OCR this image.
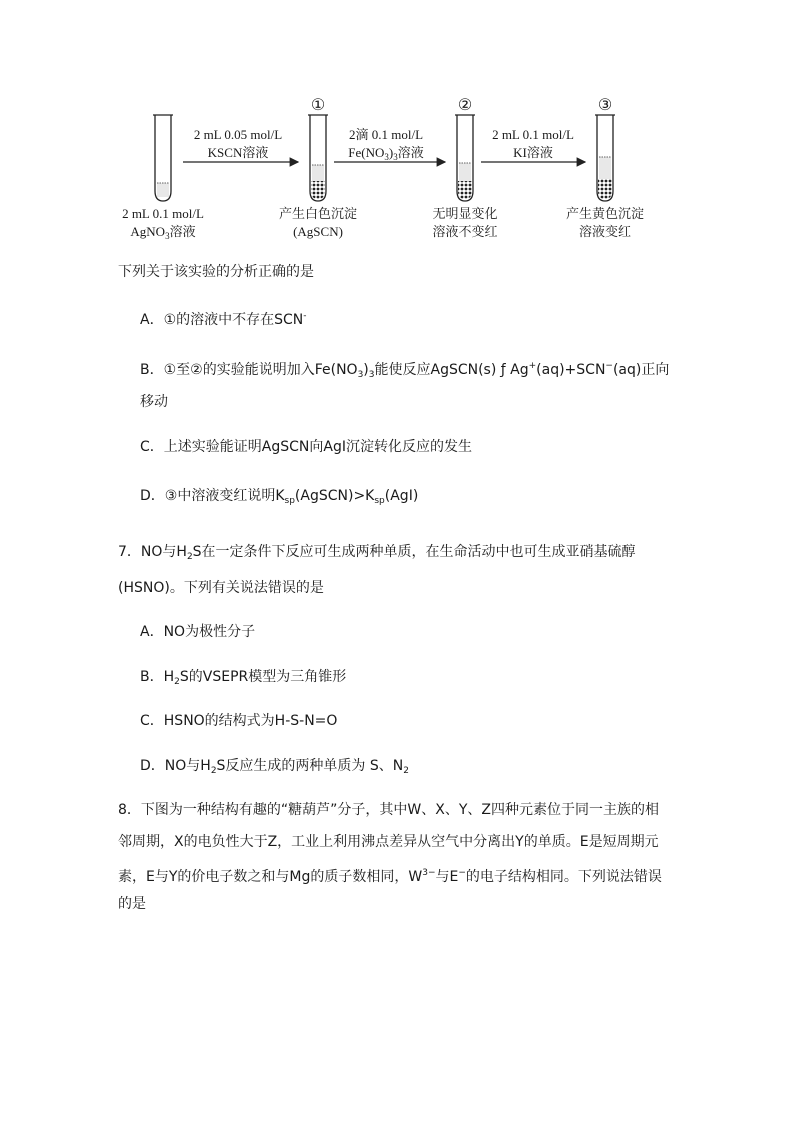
①	②	③
2 mL 0.05 mol/L
KSCN溶液
2滴 0.1 mol/L
$Fe(NO_3)_3$溶液
2 mL 0.1 mol/L
KI溶液
2 mL 0.1 mol/L
AgNO$_3$溶液
产生白色沉淀
(AgSCN)
无明显变化
溶液不变红
产生黄色沉淀
溶液变红
下列关于该实验的分析正确的是
A．①的溶液中不存在SCN-
B．①至②的实验能说明加入$Fe(NO_3)_3$能使反应AgSCN(s) ƒ Ag+(aq)+SCN−(aq)正向
移动
C．上述实验能证明AgSCN向AgI沉淀转化反应的发生
D．③中溶液变红说明$K_{sp}(AgSCN)>K_{sp}(AgI)$
7．NO与$H_2S$在一定条件下反应可生成两种单质，在生命活动中也可生成亚硝基硫醇
(HSNO)。下列有关说法错误的是
A．NO为极性分子
B．$H_2S$的VSEPR模型为三角锥形
C．HSNO的结构式为H-S-N=O
D．NO与$H_2S$反应生成的两种单质为 S、$N_2$
8．下图为一种结构有趣的“糖葫芦”分子，其中W、X、Y、Z四种元素位于同一主族的相
邻周期，X的电负性大于Z，工业上利用沸点差异从空气中分离出Y的单质。E是短周期元
素，E与Y的价电子数之和与Mg的质子数相同，$W^{3-}$与E−的电子结构相同。下列说法错误
的是
